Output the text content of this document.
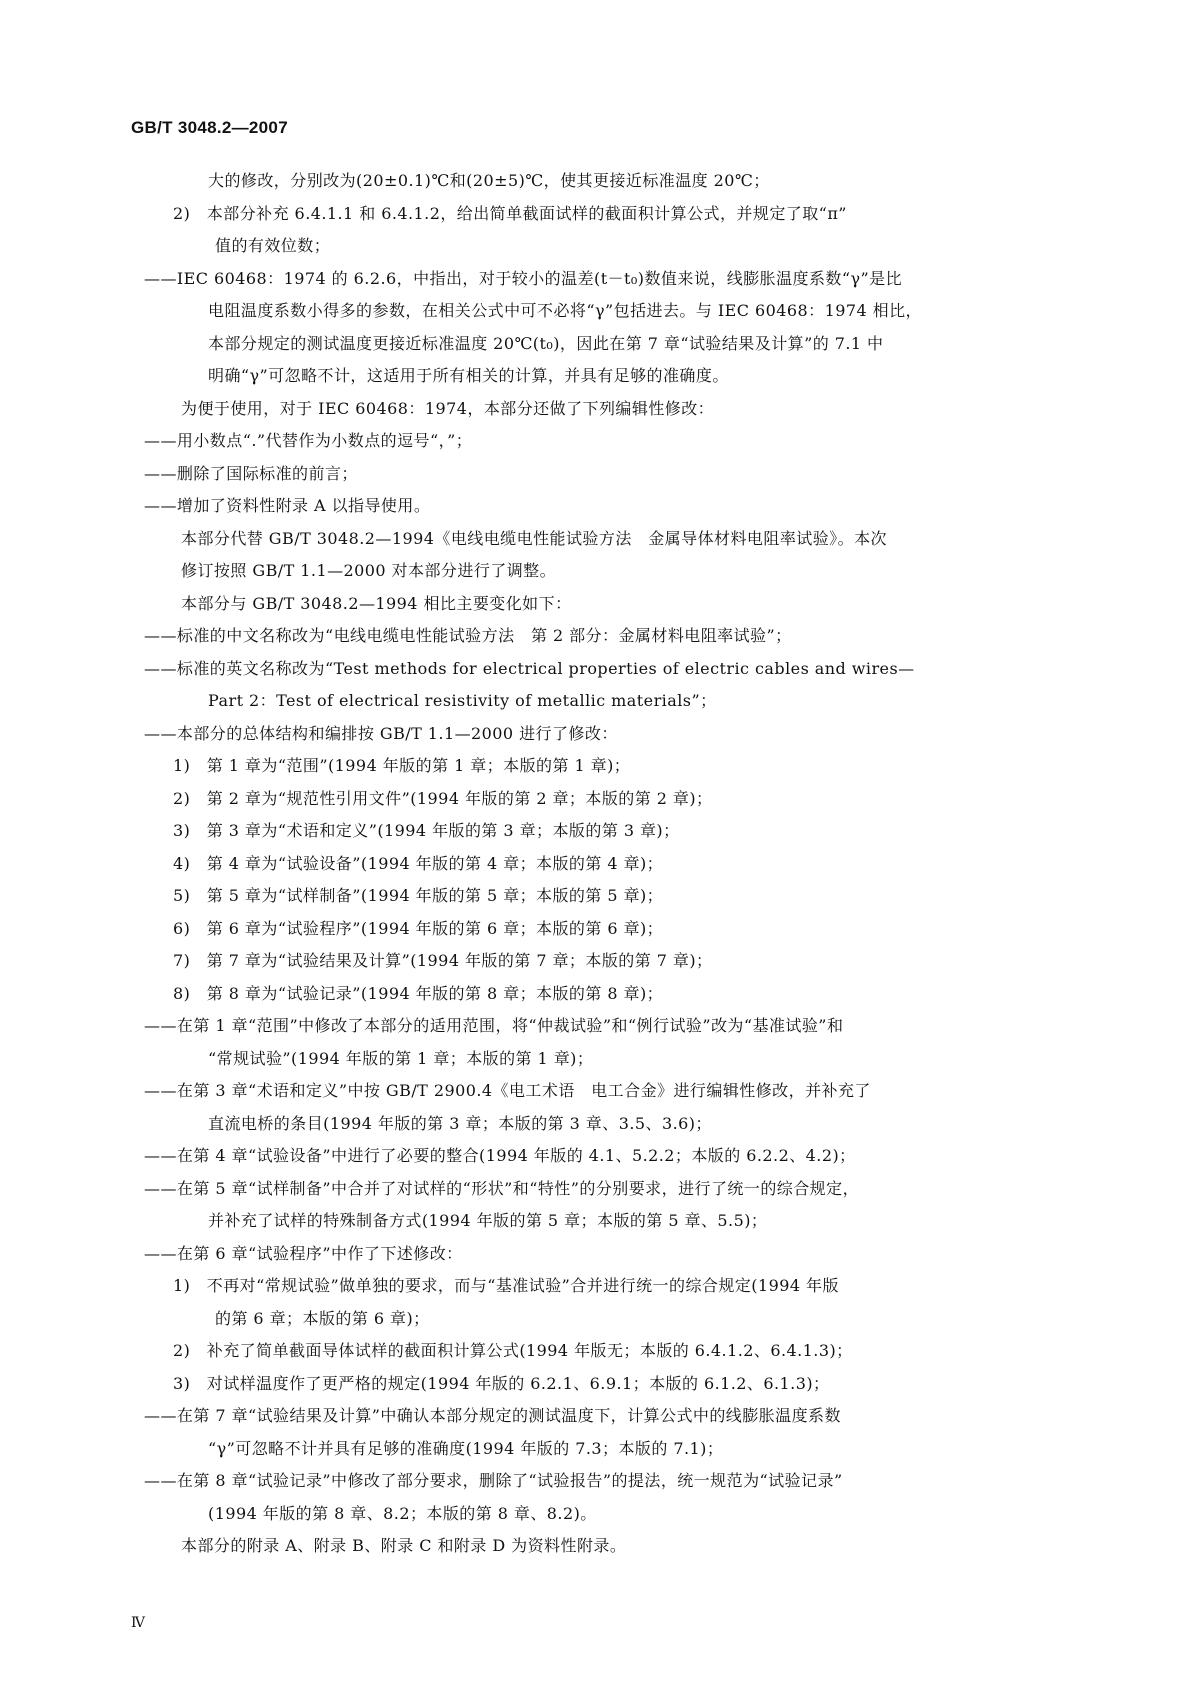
GB/T 3048.2—2007

大的修改，分别改为(20±0.1)℃和(20±5)℃，使其更接近标准温度 20℃；

2)　本部分补充 6.4.1.1 和 6.4.1.2，给出简单截面试样的截面积计算公式，并规定了取“π”

值的有效位数；

——IEC 60468：1974 的 6.2.6，中指出，对于较小的温差(t－t₀)数值来说，线膨胀温度系数“γ”是比

电阻温度系数小得多的参数，在相关公式中可不必将“γ”包括进去。与 IEC 60468：1974 相比，

本部分规定的测试温度更接近标准温度 20℃(t₀)，因此在第 7 章“试验结果及计算”的 7.1 中

明确“γ”可忽略不计，这适用于所有相关的计算，并具有足够的准确度。

为便于使用，对于 IEC 60468：1974，本部分还做了下列编辑性修改：

——用小数点“.”代替作为小数点的逗号“，”；

——删除了国际标准的前言；

——增加了资料性附录 A 以指导使用。

本部分代替 GB/T 3048.2—1994《电线电缆电性能试验方法　金属导体材料电阻率试验》。本次

修订按照 GB/T 1.1—2000 对本部分进行了调整。

本部分与 GB/T 3048.2—1994 相比主要变化如下：

——标准的中文名称改为“电线电缆电性能试验方法　第 2 部分：金属材料电阻率试验”；

——标准的英文名称改为“Test methods for electrical properties of electric cables and wires—

Part 2：Test of electrical resistivity of metallic materials”；

——本部分的总体结构和编排按 GB/T 1.1—2000 进行了修改：

1)　第 1 章为“范围”(1994 年版的第 1 章；本版的第 1 章)；

2)　第 2 章为“规范性引用文件”(1994 年版的第 2 章；本版的第 2 章)；

3)　第 3 章为“术语和定义”(1994 年版的第 3 章；本版的第 3 章)；

4)　第 4 章为“试验设备”(1994 年版的第 4 章；本版的第 4 章)；

5)　第 5 章为“试样制备”(1994 年版的第 5 章；本版的第 5 章)；

6)　第 6 章为“试验程序”(1994 年版的第 6 章；本版的第 6 章)；

7)　第 7 章为“试验结果及计算”(1994 年版的第 7 章；本版的第 7 章)；

8)　第 8 章为“试验记录”(1994 年版的第 8 章；本版的第 8 章)；

——在第 1 章“范围”中修改了本部分的适用范围，将“仲裁试验”和“例行试验”改为“基准试验”和

“常规试验”(1994 年版的第 1 章；本版的第 1 章)；

——在第 3 章“术语和定义”中按 GB/T 2900.4《电工术语　电工合金》进行编辑性修改，并补充了

直流电桥的条目(1994 年版的第 3 章；本版的第 3 章、3.5、3.6)；

——在第 4 章“试验设备”中进行了必要的整合(1994 年版的 4.1、5.2.2；本版的 6.2.2、4.2)；

——在第 5 章“试样制备”中合并了对试样的“形状”和“特性”的分别要求，进行了统一的综合规定，

并补充了试样的特殊制备方式(1994 年版的第 5 章；本版的第 5 章、5.5)；

——在第 6 章“试验程序”中作了下述修改：

1)　不再对“常规试验”做单独的要求，而与“基准试验”合并进行统一的综合规定(1994 年版

的第 6 章；本版的第 6 章)；

2)　补充了简单截面导体试样的截面积计算公式(1994 年版无；本版的 6.4.1.2、6.4.1.3)；

3)　对试样温度作了更严格的规定(1994 年版的 6.2.1、6.9.1；本版的 6.1.2、6.1.3)；

——在第 7 章“试验结果及计算”中确认本部分规定的测试温度下，计算公式中的线膨胀温度系数

“γ”可忽略不计并具有足够的准确度(1994 年版的 7.3；本版的 7.1)；

——在第 8 章“试验记录”中修改了部分要求，删除了“试验报告”的提法，统一规范为“试验记录”

(1994 年版的第 8 章、8.2；本版的第 8 章、8.2)。

本部分的附录 A、附录 B、附录 C 和附录 D 为资料性附录。

Ⅳ
